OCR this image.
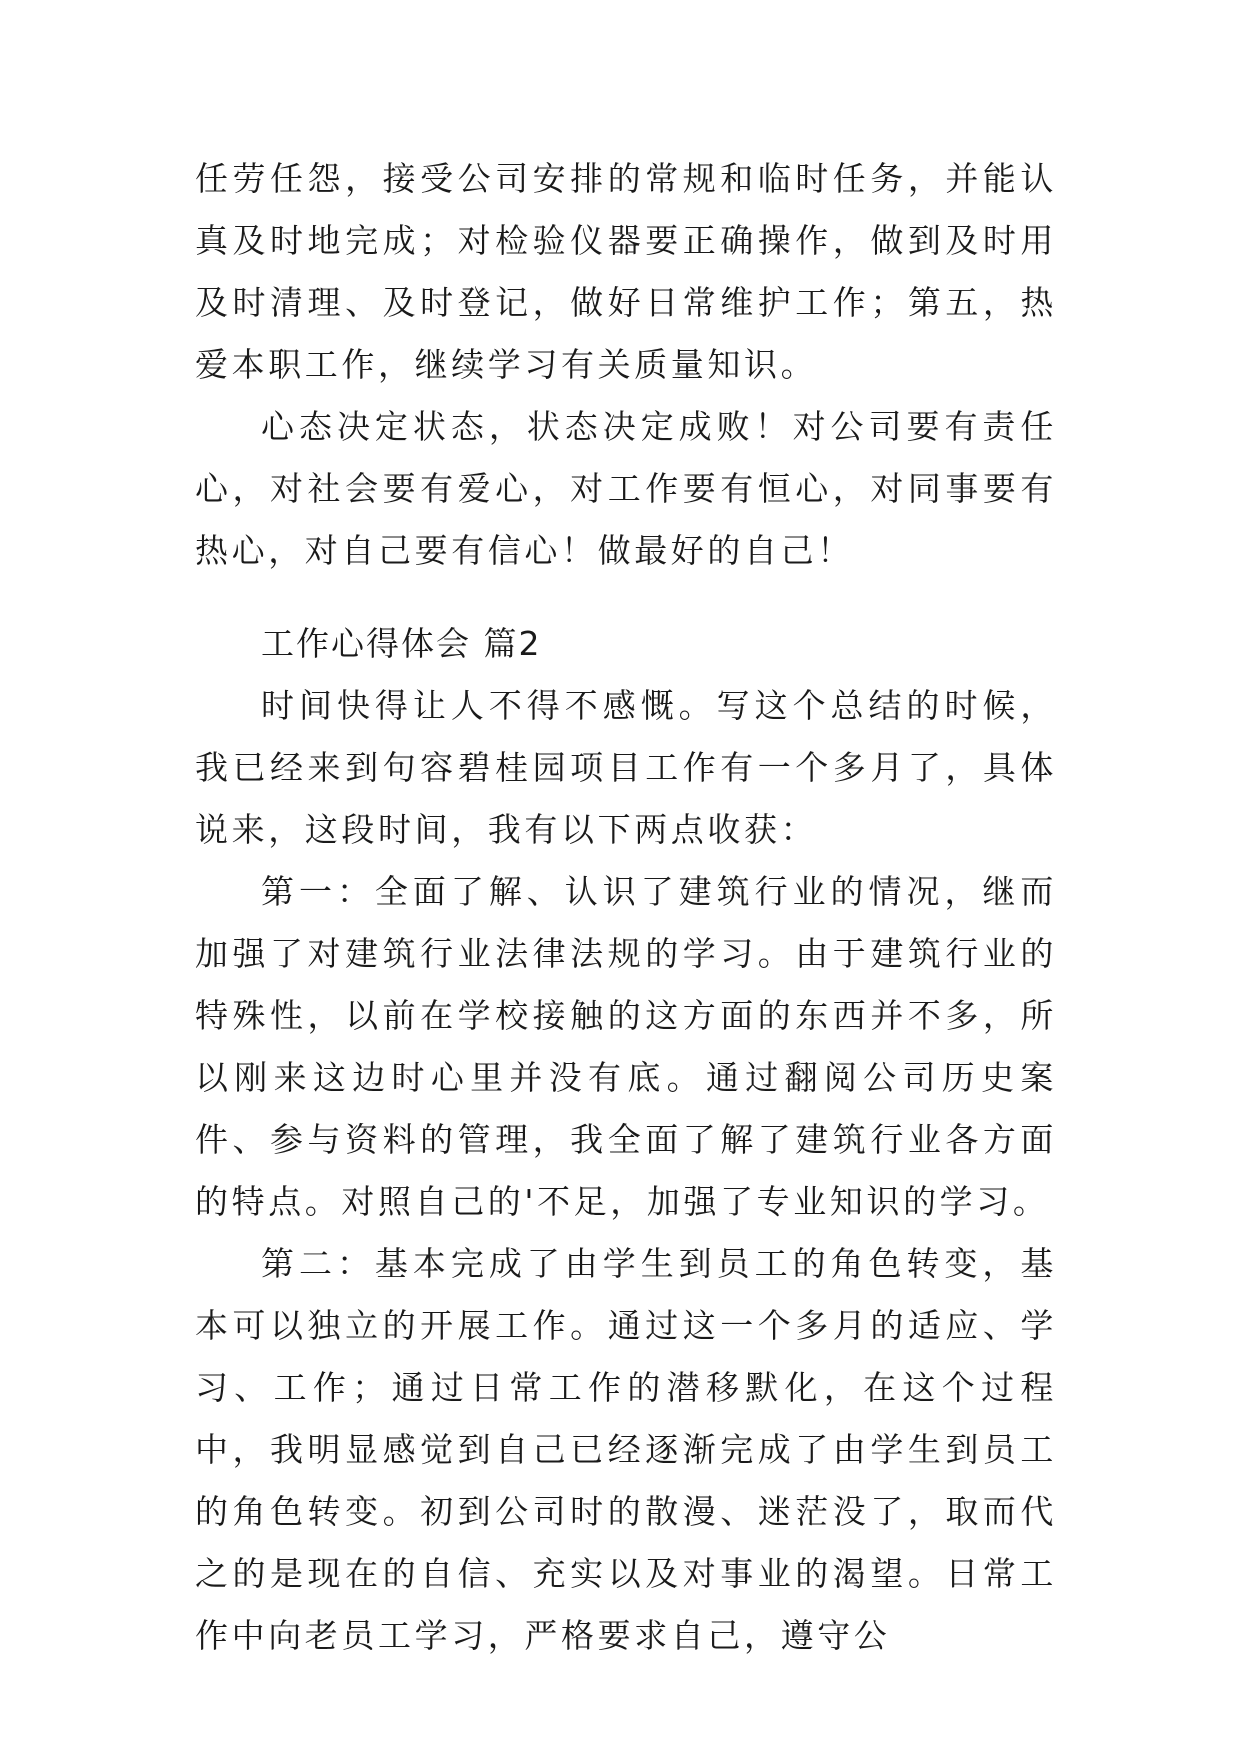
任劳任怨，接受公司安排的常规和临时任务，并能认真及时地完成；对检验仪器要正确操作，做到及时用及时清理、及时登记，做好日常维护工作；第五，热爱本职工作，继续学习有关质量知识。

心态决定状态，状态决定成败！对公司要有责任心，对社会要有爱心，对工作要有恒心，对同事要有热心，对自己要有信心！做最好的自己！

工作心得体会 篇2

时间快得让人不得不感慨。写这个总结的时候，我已经来到句容碧桂园项目工作有一个多月了，具体说来，这段时间，我有以下两点收获：

第一：全面了解、认识了建筑行业的情况，继而加强了对建筑行业法律法规的学习。由于建筑行业的特殊性，以前在学校接触的这方面的东西并不多，所以刚来这边时心里并没有底。通过翻阅公司历史案件、参与资料的管理，我全面了解了建筑行业各方面的特点。对照自己的'不足，加强了专业知识的学习。

第二：基本完成了由学生到员工的角色转变，基本可以独立的开展工作。通过这一个多月的适应、学习、工作；通过日常工作的潜移默化，在这个过程中，我明显感觉到自己已经逐渐完成了由学生到员工的角色转变。初到公司时的散漫、迷茫没了，取而代之的是现在的自信、充实以及对事业的渴望。日常工作中向老员工学习，严格要求自己，遵守公
